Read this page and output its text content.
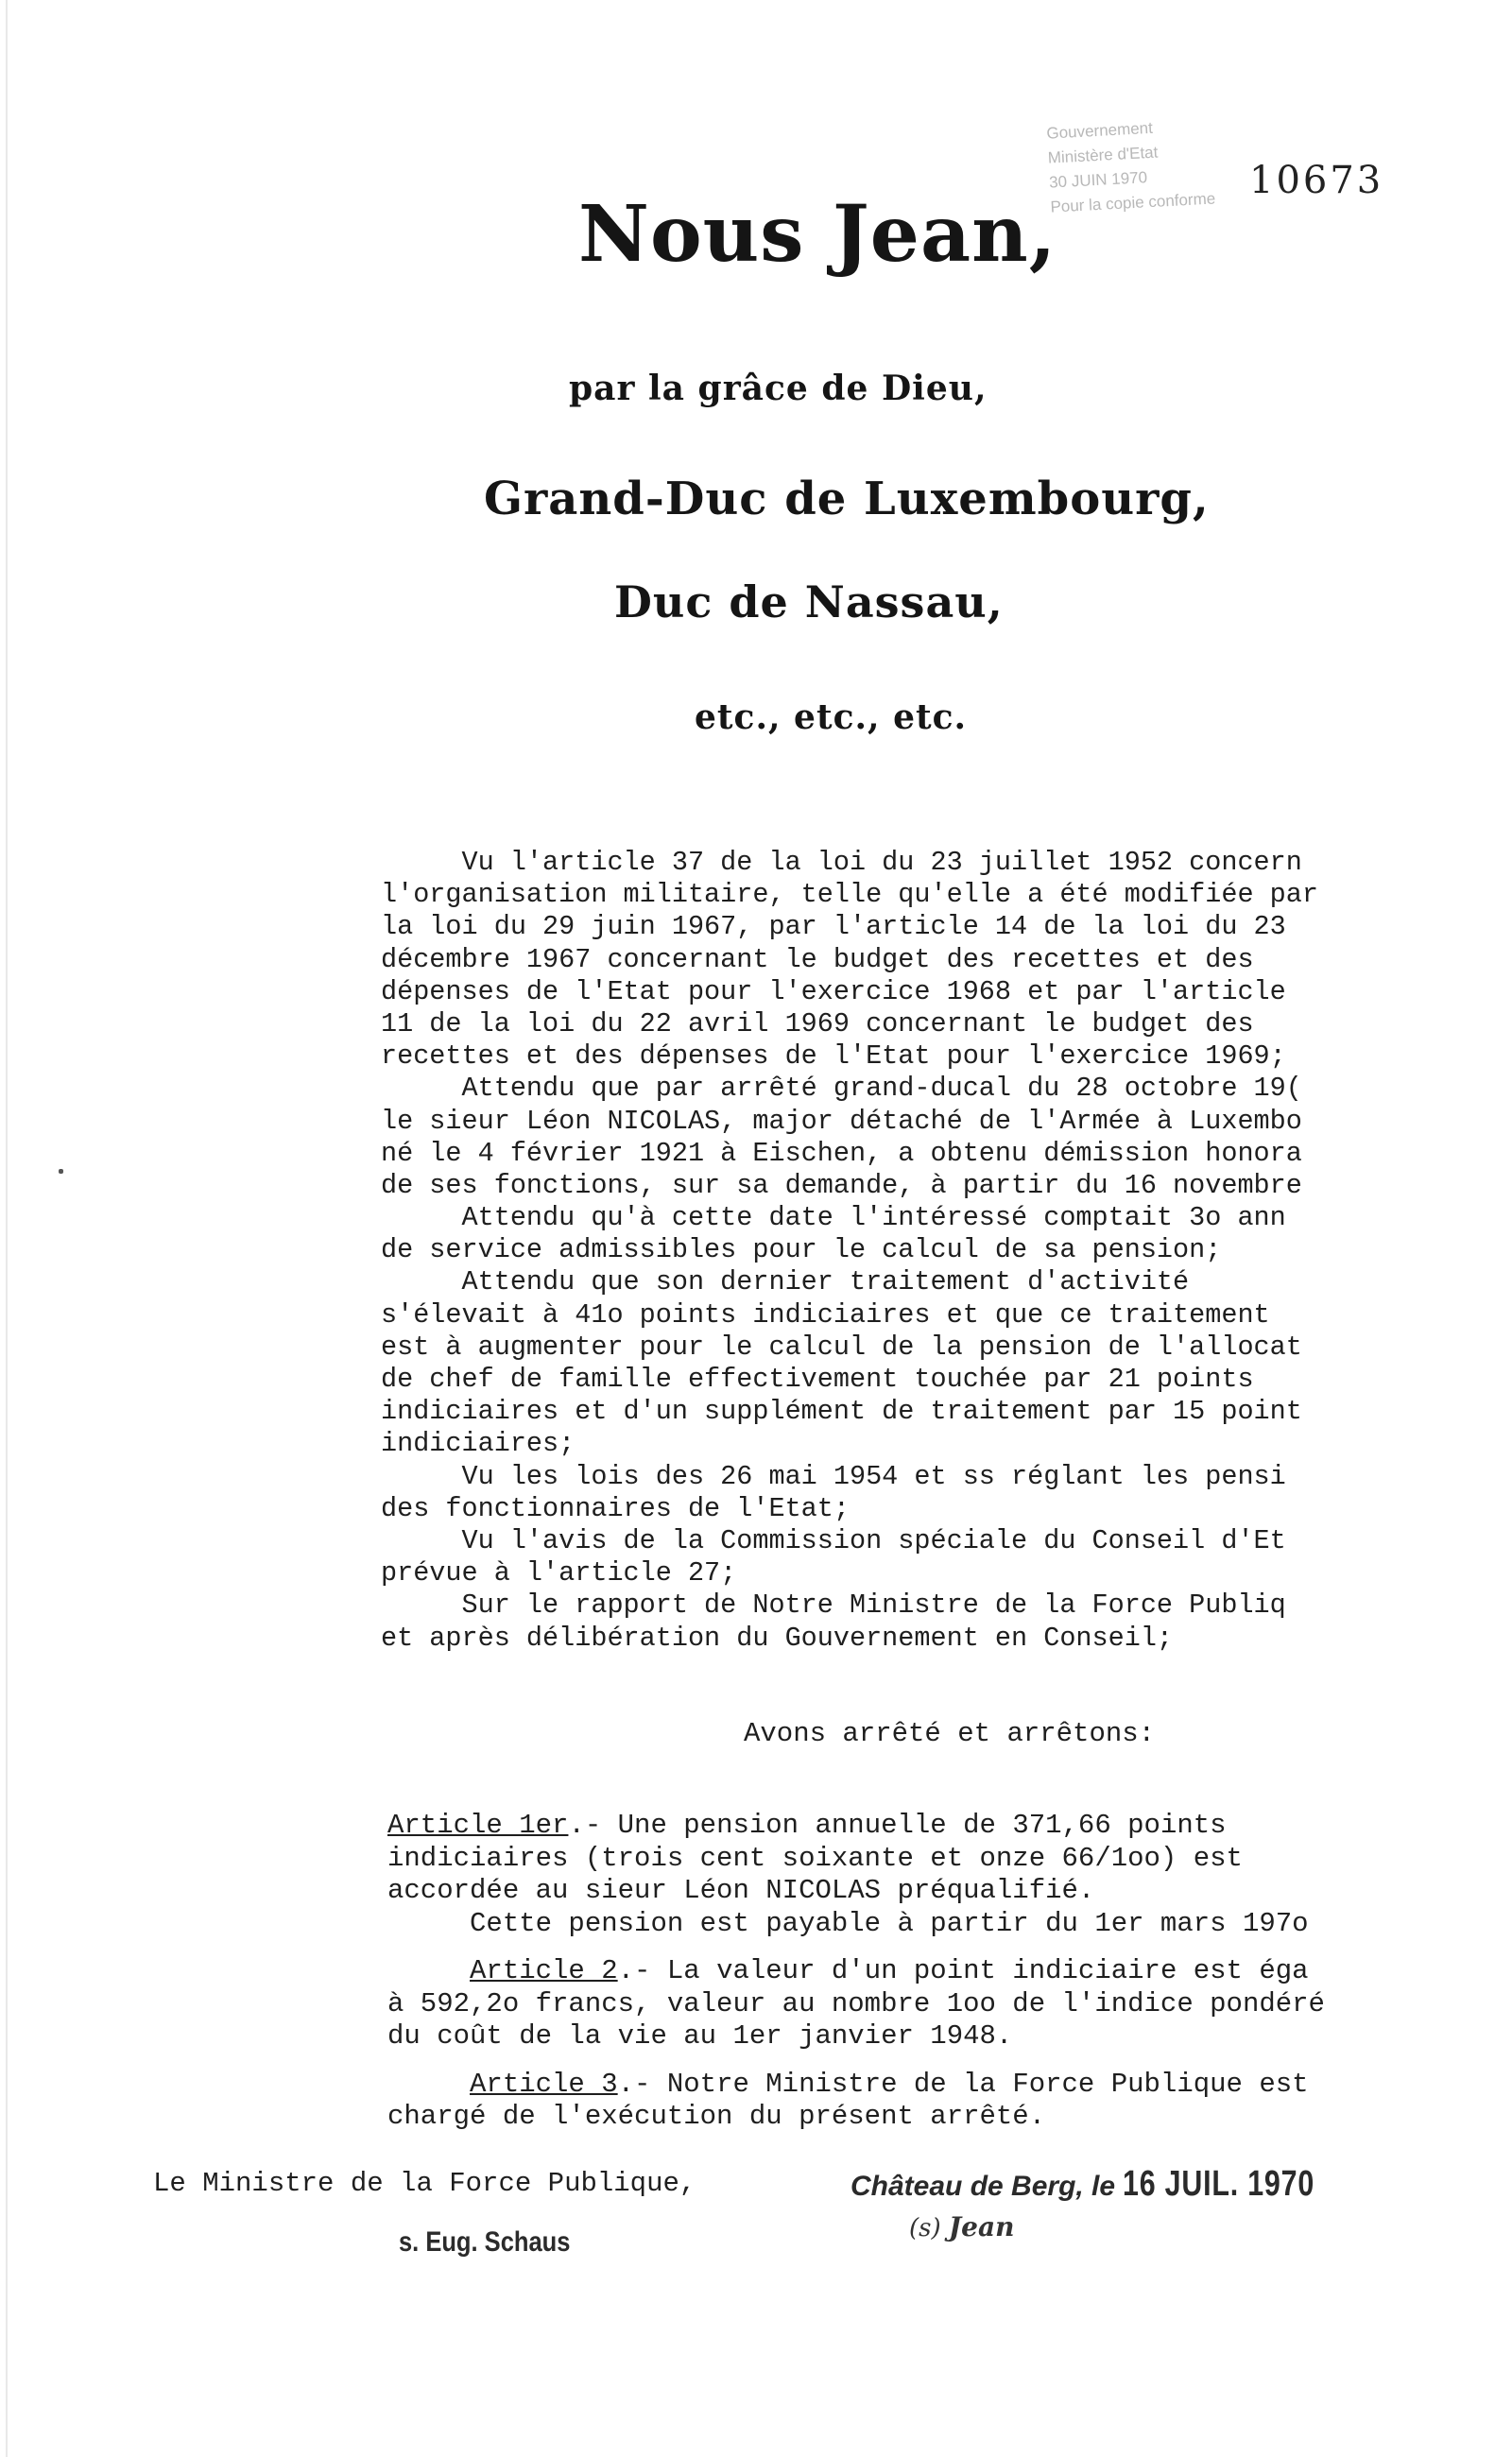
Gouvernement
Ministère d'Etat
30 JUIN 1970
Pour la copie conforme
10673
Nous Jean,
par la grâce de Dieu,
Grand-Duc de Luxembourg,
Duc de Nassau,
etc., etc., etc.
Vu l'article 37 de la loi du 23 juillet 1952 concern
l'organisation militaire, telle qu'elle a été modifiée par
la loi du 29 juin 1967, par l'article 14 de la loi du 23
décembre 1967 concernant le budget des recettes et des
dépenses de l'Etat pour l'exercice 1968 et par l'article
11 de la loi du 22 avril 1969 concernant le budget des
recettes et des dépenses de l'Etat pour l'exercice 1969;
Attendu que par arrêté grand-ducal du 28 octobre 19(
le sieur Léon NICOLAS, major détaché de l'Armée à Luxembo
né le 4 février 1921 à Eischen, a obtenu démission honora
de ses fonctions, sur sa demande, à partir du 16 novembre
Attendu qu'à cette date l'intéressé comptait 3o ann
de service admissibles pour le calcul de sa pension;
Attendu que son dernier traitement d'activité
s'élevait à 41o points indiciaires et que ce traitement
est à augmenter pour le calcul de la pension de l'allocat
de chef de famille effectivement touchée par 21 points
indiciaires et d'un supplément de traitement par 15 point
indiciaires;
Vu les lois des 26 mai 1954 et ss réglant les pensi
des fonctionnaires de l'Etat;
Vu l'avis de la Commission spéciale du Conseil d'Et
prévue à l'article 27;
Sur le rapport de Notre Ministre de la Force Publiq
et après délibération du Gouvernement en Conseil;
Avons arrêté et arrêtons:
Article 1er.- Une pension annuelle de 371,66 points
indiciaires (trois cent soixante et onze 66/1oo) est
accordée au sieur Léon NICOLAS préqualifié.
Cette pension est payable à partir du 1er mars 197o
Article 2.- La valeur d'un point indiciaire est éga
à 592,2o francs, valeur au nombre 1oo de l'indice pondéré
du coût de la vie au 1er janvier 1948.
Article 3.- Notre Ministre de la Force Publique est
chargé de l'exécution du présent arrêté.
Le Ministre de la Force Publique,
s. Eug. Schaus
Château de Berg, le 16 JUIL. 1970
(s) Jean
